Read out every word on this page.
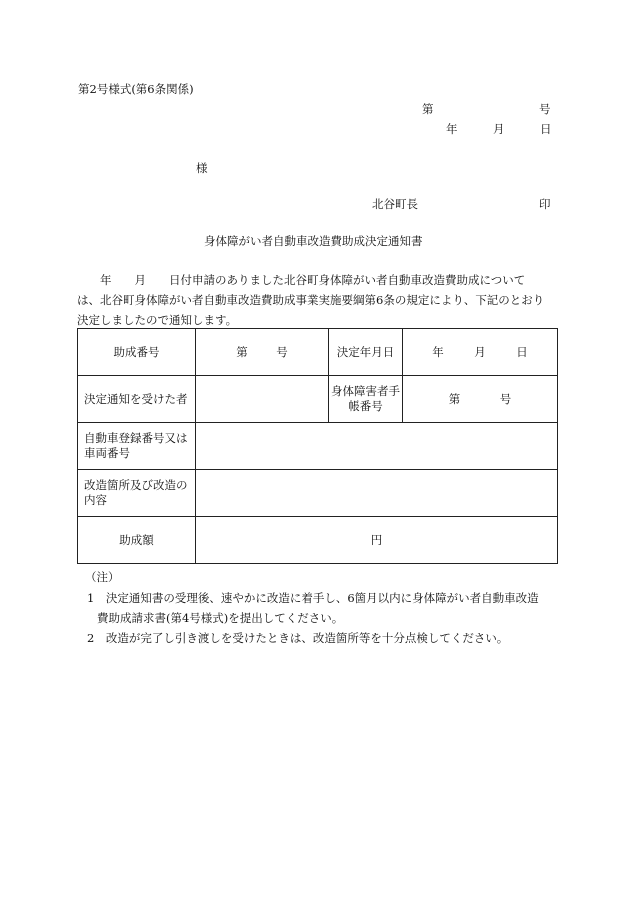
第2号様式(第6条関係)
第	号
年	月	日
様
北谷町長	印
身体障がい者自動車改造費助成決定通知書

　　年　　月　　日付申請のありました北谷町身体障がい者自動車改造費助成について

は、北谷町身体障がい者自動車改造費助成事業実施要綱第6条の規定により、下記のとおり

決定しましたので通知します。

助成番号	第 号	決定年月日	年 月 日

決定通知を受けた者		身体障害者手帳番号	第 号

自動車登録番号又は車両番号			
改造箇所及び改造の内容			
助成額	円		
（注）

1　決定通知書の受理後、速やかに改造に着手し、6箇月以内に身体障がい者自動車改造

費助成請求書(第4号様式)を提出してください。

2　改造が完了し引き渡しを受けたときは、改造箇所等を十分点検してください。
